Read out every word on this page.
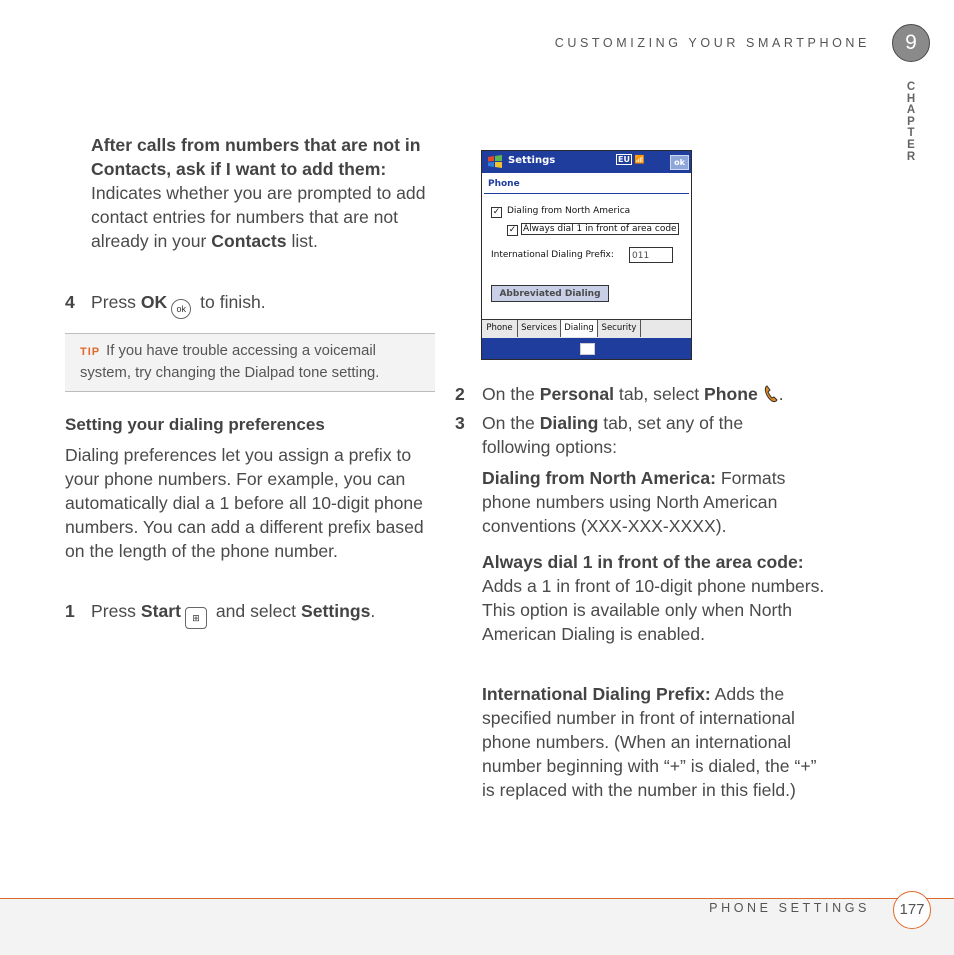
CUSTOMIZING YOUR SMARTPHONE	9
C
H
A
P
T
E
R
After calls from numbers that are not in Contacts, ask if I want to add them: Indicates whether you are prompted to add contact entries for numbers that are not already in your Contacts list.
4 Press OK ok to finish.
TIP If you have trouble accessing a voicemail system, try changing the Dialpad tone setting.
Setting your dialing preferences
Dialing preferences let you assign a prefix to your phone numbers. For example, you can automatically dial a 1 before all 10-digit phone numbers. You can add a different prefix based on the length of the phone number.
1 Press Start ⊞ and select Settings.
Settings	EU 📶	ok
Phone
✓ Dialing from North America
✓ Always dial 1 in front of area code
International Dialing Prefix:	011
Abbreviated Dialing
Phone Services Dialing Security
2 On the Personal tab, select Phone .
3 On the Dialing tab, set any of the following options:
Dialing from North America: Formats phone numbers using North American conventions (XXX-XXX-XXXX).
Always dial 1 in front of the area code: Adds a 1 in front of 10-digit phone numbers. This option is available only when North American Dialing is enabled.
International Dialing Prefix: Adds the specified number in front of international phone numbers. (When an international number beginning with “+” is dialed, the “+” is replaced with the number in this field.)
PHONE SETTINGS	177
